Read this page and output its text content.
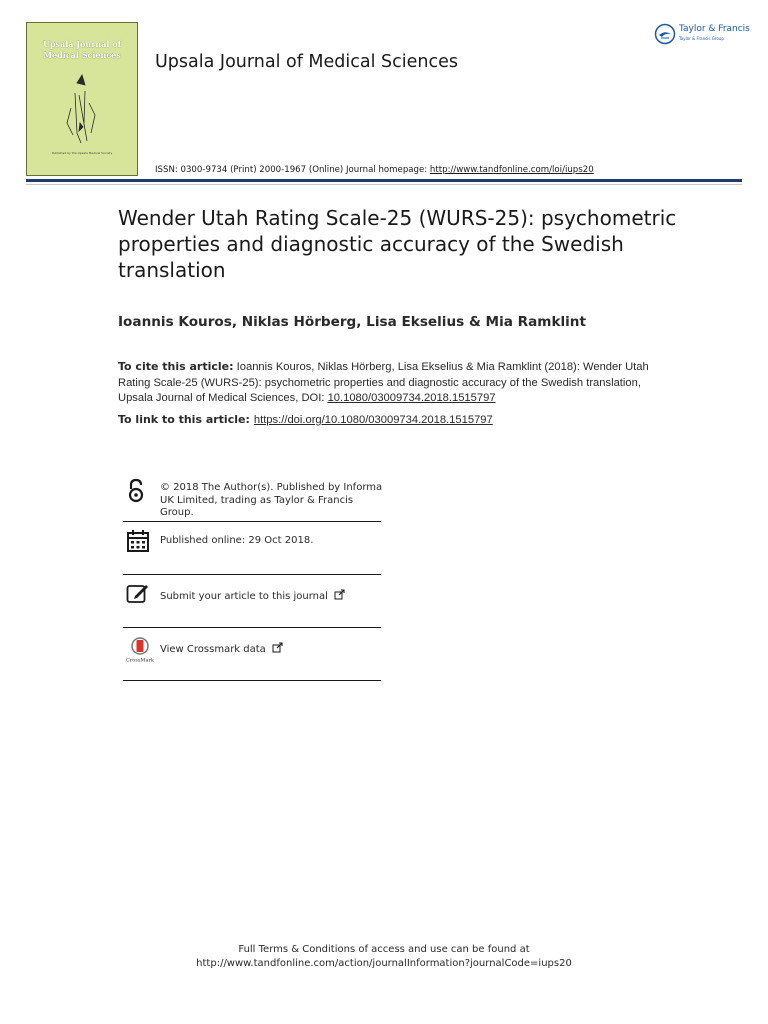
Upsala Journal of Medical Sciences
Published by the Upsala Medical Society
Upsala Journal of Medical Sciences
Taylor & Francis
Taylor & Francis Group
ISSN: 0300-9734 (Print) 2000-1967 (Online) Journal homepage: http://www.tandfonline.com/loi/iups20
Wender Utah Rating Scale-25 (WURS-25): psychometric properties and diagnostic accuracy of the Swedish translation
Ioannis Kouros, Niklas Hörberg, Lisa Ekselius & Mia Ramklint
To cite this article: Ioannis Kouros, Niklas Hörberg, Lisa Ekselius & Mia Ramklint (2018): Wender Utah Rating Scale-25 (WURS-25): psychometric properties and diagnostic accuracy of the Swedish translation, Upsala Journal of Medical Sciences, DOI: 10.1080/03009734.2018.1515797
To link to this article: https://doi.org/10.1080/03009734.2018.1515797
© 2018 The Author(s). Published by Informa UK Limited, trading as Taylor & Francis Group.
Published online: 29 Oct 2018.
Submit your article to this journal
CrossMark
View Crossmark data
Full Terms & Conditions of access and use can be found at
http://www.tandfonline.com/action/journalInformation?journalCode=iups20
